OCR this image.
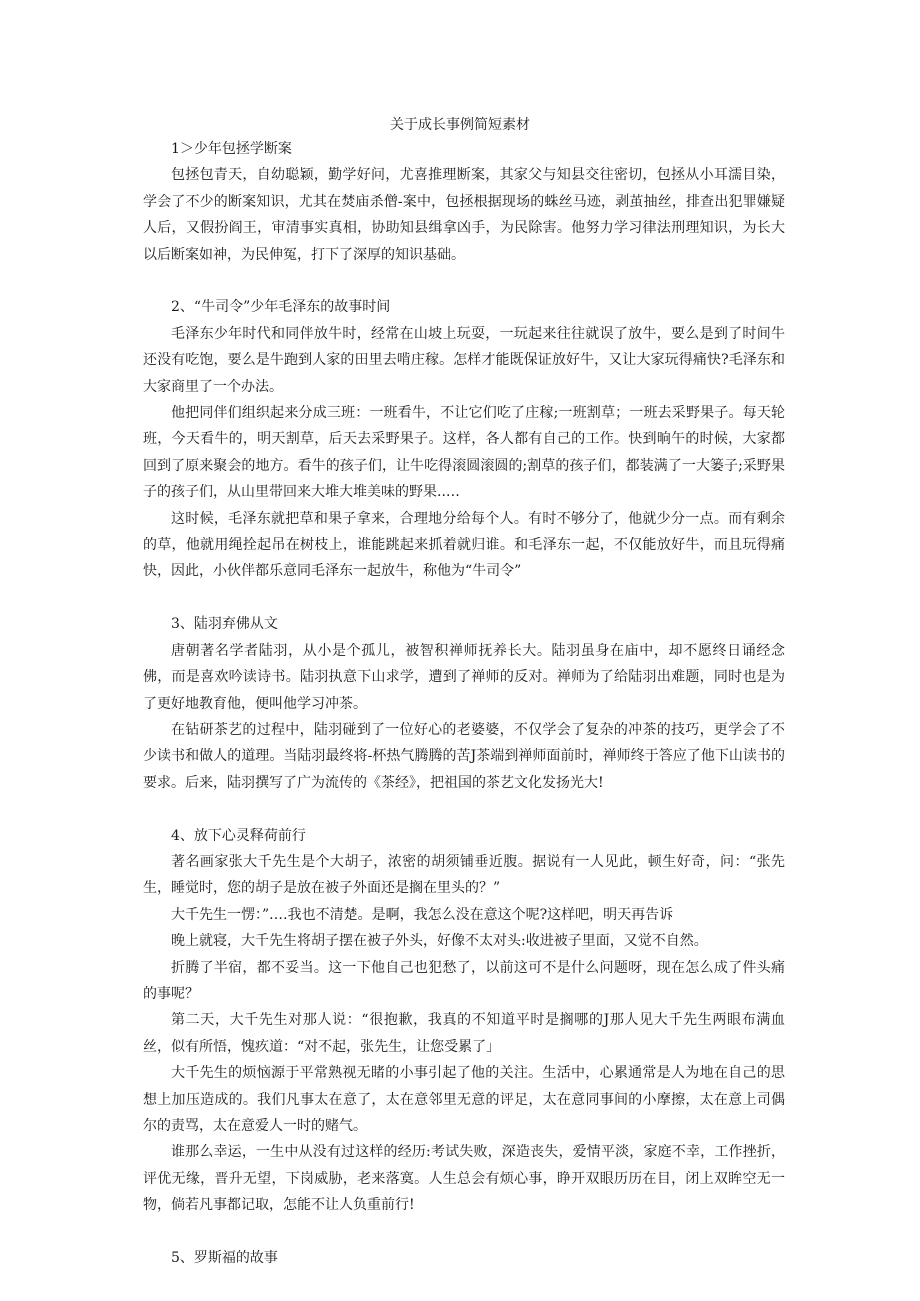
关于成长事例简短素材

1＞少年包拯学断案

包拯包青天，自幼聪颖，勤学好问，尤喜推理断案，其家父与知县交往密切，包拯从小耳濡目染，学会了不少的断案知识，尤其在焚庙杀僧-案中，包拯根据现场的蛛丝马迹，剥茧抽丝，排查出犯罪嫌疑人后，又假扮阎王，审清事实真相，协助知县缉拿凶手，为民除害。他努力学习律法刑理知识，为长大以后断案如神，为民伸冤，打下了深厚的知识基础。

2、“牛司令”少年毛泽东的故事时间

毛泽东少年时代和同伴放牛时，经常在山坡上玩耍，一玩起来往往就误了放牛，要么是到了时间牛还没有吃饱，要么是牛跑到人家的田里去啃庄稼。怎样才能既保证放好牛，又让大家玩得痛快?毛泽东和大家商里了一个办法。

他把同伴们组织起来分成三班：一班看牛，不让它们吃了庄稼;一班割草；一班去采野果子。每天轮班，今天看牛的，明天割草，后天去采野果子。这样，各人都有自己的工作。快到晌午的时候，大家都回到了原来聚会的地方。看牛的孩子们，让牛吃得滚圆滚圆的;割草的孩子们，都装满了一大篓子;采野果子的孩子们，从山里带回来大堆大堆美味的野果..…

这时候，毛泽东就把草和果子拿来，合理地分给每个人。有时不够分了，他就少分一点。而有剩余的草，他就用绳拴起吊在树枝上，谁能跳起来抓着就归谁。和毛泽东一起，不仅能放好牛，而且玩得痛快，因此，小伙伴都乐意同毛泽东一起放牛，称他为“牛司令”

3、陆羽弃佛从文

唐朝著名学者陆羽，从小是个孤儿，被智积禅师抚养长大。陆羽虽身在庙中，却不愿终日诵经念佛，而是喜欢吟读诗书。陆羽执意下山求学，遭到了禅师的反对。禅师为了给陆羽出难题，同时也是为了更好地教育他，便叫他学习冲茶。

在钻研茶艺的过程中，陆羽碰到了一位好心的老婆婆，不仅学会了复杂的冲茶的技巧，更学会了不少读书和做人的道理。当陆羽最终将-杯热气腾腾的苦J茶端到禅师面前时，禅师终于答应了他下山读书的要求。后来，陆羽撰写了广为流传的《茶经》，把祖国的茶艺文化发扬光大!

4、放下心灵释荷前行

著名画家张大千先生是个大胡子，浓密的胡须铺垂近腹。据说有一人见此，顿生好奇，问：“张先生，睡觉时，您的胡子是放在被子外面还是搁在里头的？”

大千先生一愣：”.…我也不清楚。是啊，我怎么没在意这个呢?这样吧，明天再告诉

晚上就寝，大千先生将胡子摆在被子外头，好像不太对头:收进被子里面，又觉不自然。

折腾了半宿，都不妥当。这一下他自己也犯愁了，以前这可不是什么问题呀，现在怎么成了件头痛的事呢？

第二天，大千先生对那人说：“很抱歉，我真的不知道平时是搁哪的J那人见大千先生两眼布满血丝，似有所悟，愧疚道：“对不起，张先生，让您受累了」

大千先生的烦恼源于平常熟视无睹的小事引起了他的关注。生活中，心累通常是人为地在自己的思想上加压造成的。我们凡事太在意了，太在意邻里无意的评足，太在意同事间的小摩擦，太在意上司偶尔的责骂，太在意爱人一时的赌气。

谁那么幸运，一生中从没有过这样的经历:考试失败，深造丧失，爱情平淡，家庭不幸，工作挫折，评优无缘，晋升无望，下岗威胁，老来落寞。人生总会有烦心事，睁开双眼历历在目，闭上双眸空无一物，倘若凡事都记取，怎能不让人负重前行!

5、罗斯福的故事
